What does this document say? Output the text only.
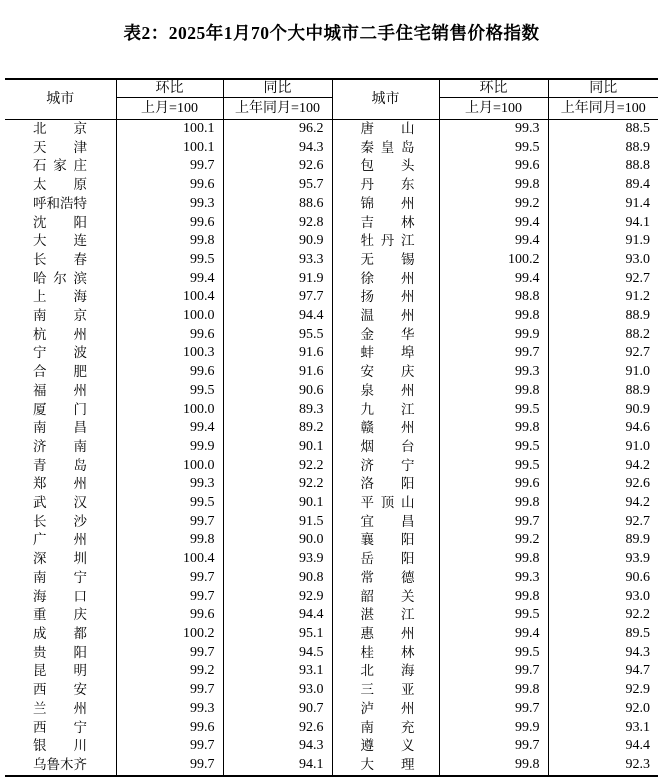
表2：2025年1月70个大中城市二手住宅销售价格指数
城市	环比	同比	城市	环比	同比
	上月=100	上年同月=100		上月=100	上年同月=100

北 京	100.1	96.2	唐 山	99.3	88.5

天 津	100.1	94.3	秦 皇 岛	99.5	88.9

石 家 庄	99.7	92.6	包 头	99.6	88.8

太 原	99.6	95.7	丹 东	99.8	89.4

呼 和 浩 特	99.3	88.6	锦 州	99.2	91.4

沈 阳	99.6	92.8	吉 林	99.4	94.1

大 连	99.8	90.9	牡 丹 江	99.4	91.9

长 春	99.5	93.3	无 锡	100.2	93.0

哈 尔 滨	99.4	91.9	徐 州	99.4	92.7

上 海	100.4	97.7	扬 州	98.8	91.2

南 京	100.0	94.4	温 州	99.8	88.9

杭 州	99.6	95.5	金 华	99.9	88.2

宁 波	100.3	91.6	蚌 埠	99.7	92.7

合 肥	99.6	91.6	安 庆	99.3	91.0

福 州	99.5	90.6	泉 州	99.8	88.9

厦 门	100.0	89.3	九 江	99.5	90.9

南 昌	99.4	89.2	赣 州	99.8	94.6

济 南	99.9	90.1	烟 台	99.5	91.0

青 岛	100.0	92.2	济 宁	99.5	94.2

郑 州	99.3	92.2	洛 阳	99.6	92.6

武 汉	99.5	90.1	平 顶 山	99.8	94.2

长 沙	99.7	91.5	宜 昌	99.7	92.7

广 州	99.8	90.0	襄 阳	99.2	89.9

深 圳	100.4	93.9	岳 阳	99.8	93.9

南 宁	99.7	90.8	常 德	99.3	90.6

海 口	99.7	92.9	韶 关	99.8	93.0

重 庆	99.6	94.4	湛 江	99.5	92.2

成 都	100.2	95.1	惠 州	99.4	89.5

贵 阳	99.7	94.5	桂 林	99.5	94.3

昆 明	99.2	93.1	北 海	99.7	94.7

西 安	99.7	93.0	三 亚	99.8	92.9

兰 州	99.3	90.7	泸 州	99.7	92.0

西 宁	99.6	92.6	南 充	99.9	93.1

银 川	99.7	94.3	遵 义	99.7	94.4

乌 鲁 木 齐	99.7	94.1	大 理	99.8	92.3
